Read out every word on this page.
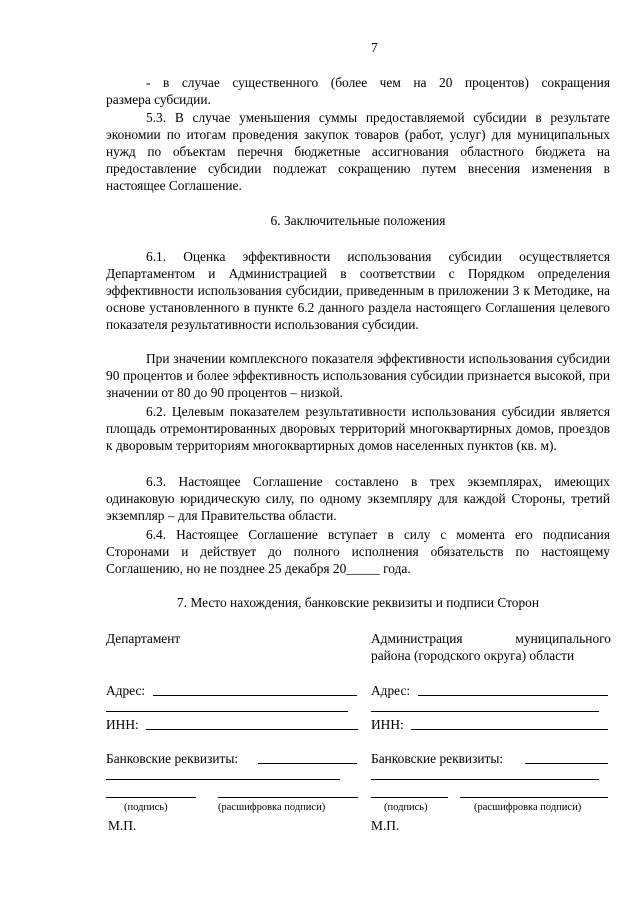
7
- в случае существенного (более чем на 20 процентов) сокращения
размера субсидии.
5.3. В случае уменьшения суммы предоставляемой субсидии в результате экономии по итогам проведения закупок товаров (работ, услуг) для муниципальных нужд по объектам перечня бюджетные ассигнования областного бюджета на предоставление субсидии подлежат сокращению путем внесения изменения в настоящее Соглашение.
6. Заключительные положения
6.1. Оценка эффективности использования субсидии осуществляется Департаментом и Администрацией в соответствии с Порядком определения эффективности использования субсидии, приведенным в приложении 3 к Методике, на основе установленного в пункте 6.2 данного раздела настоящего Соглашения целевого показателя результативности использования субсидии.
При значении комплексного показателя эффективности использования субсидии 90 процентов и более эффективность использования субсидии признается высокой, при значении от 80 до 90 процентов – низкой.
6.2. Целевым показателем результативности использования субсидии является площадь отремонтированных дворовых территорий многоквартирных домов, проездов к дворовым территориям многоквартирных домов населенных пунктов (кв. м).
6.3. Настоящее Соглашение составлено в трех экземплярах, имеющих одинаковую юридическую силу, по одному экземпляру для каждой Стороны, третий экземпляр – для Правительства области.
6.4. Настоящее Соглашение вступает в силу с момента его подписания Сторонами и действует до полного исполнения обязательств по настоящему Соглашению, но не позднее 25 декабря 20_____ года.
7. Место нахождения, банковские реквизиты и подписи Сторон
Департамент
Адрес:
ИНН:
Банковские реквизиты:
(подпись)	(расшифровка подписи)
М.П.
Администрация муниципального
района (городского округа) области
Адрес:
ИНН:
Банковские реквизиты:
(подпись)	(расшифровка подписи)
М.П.
